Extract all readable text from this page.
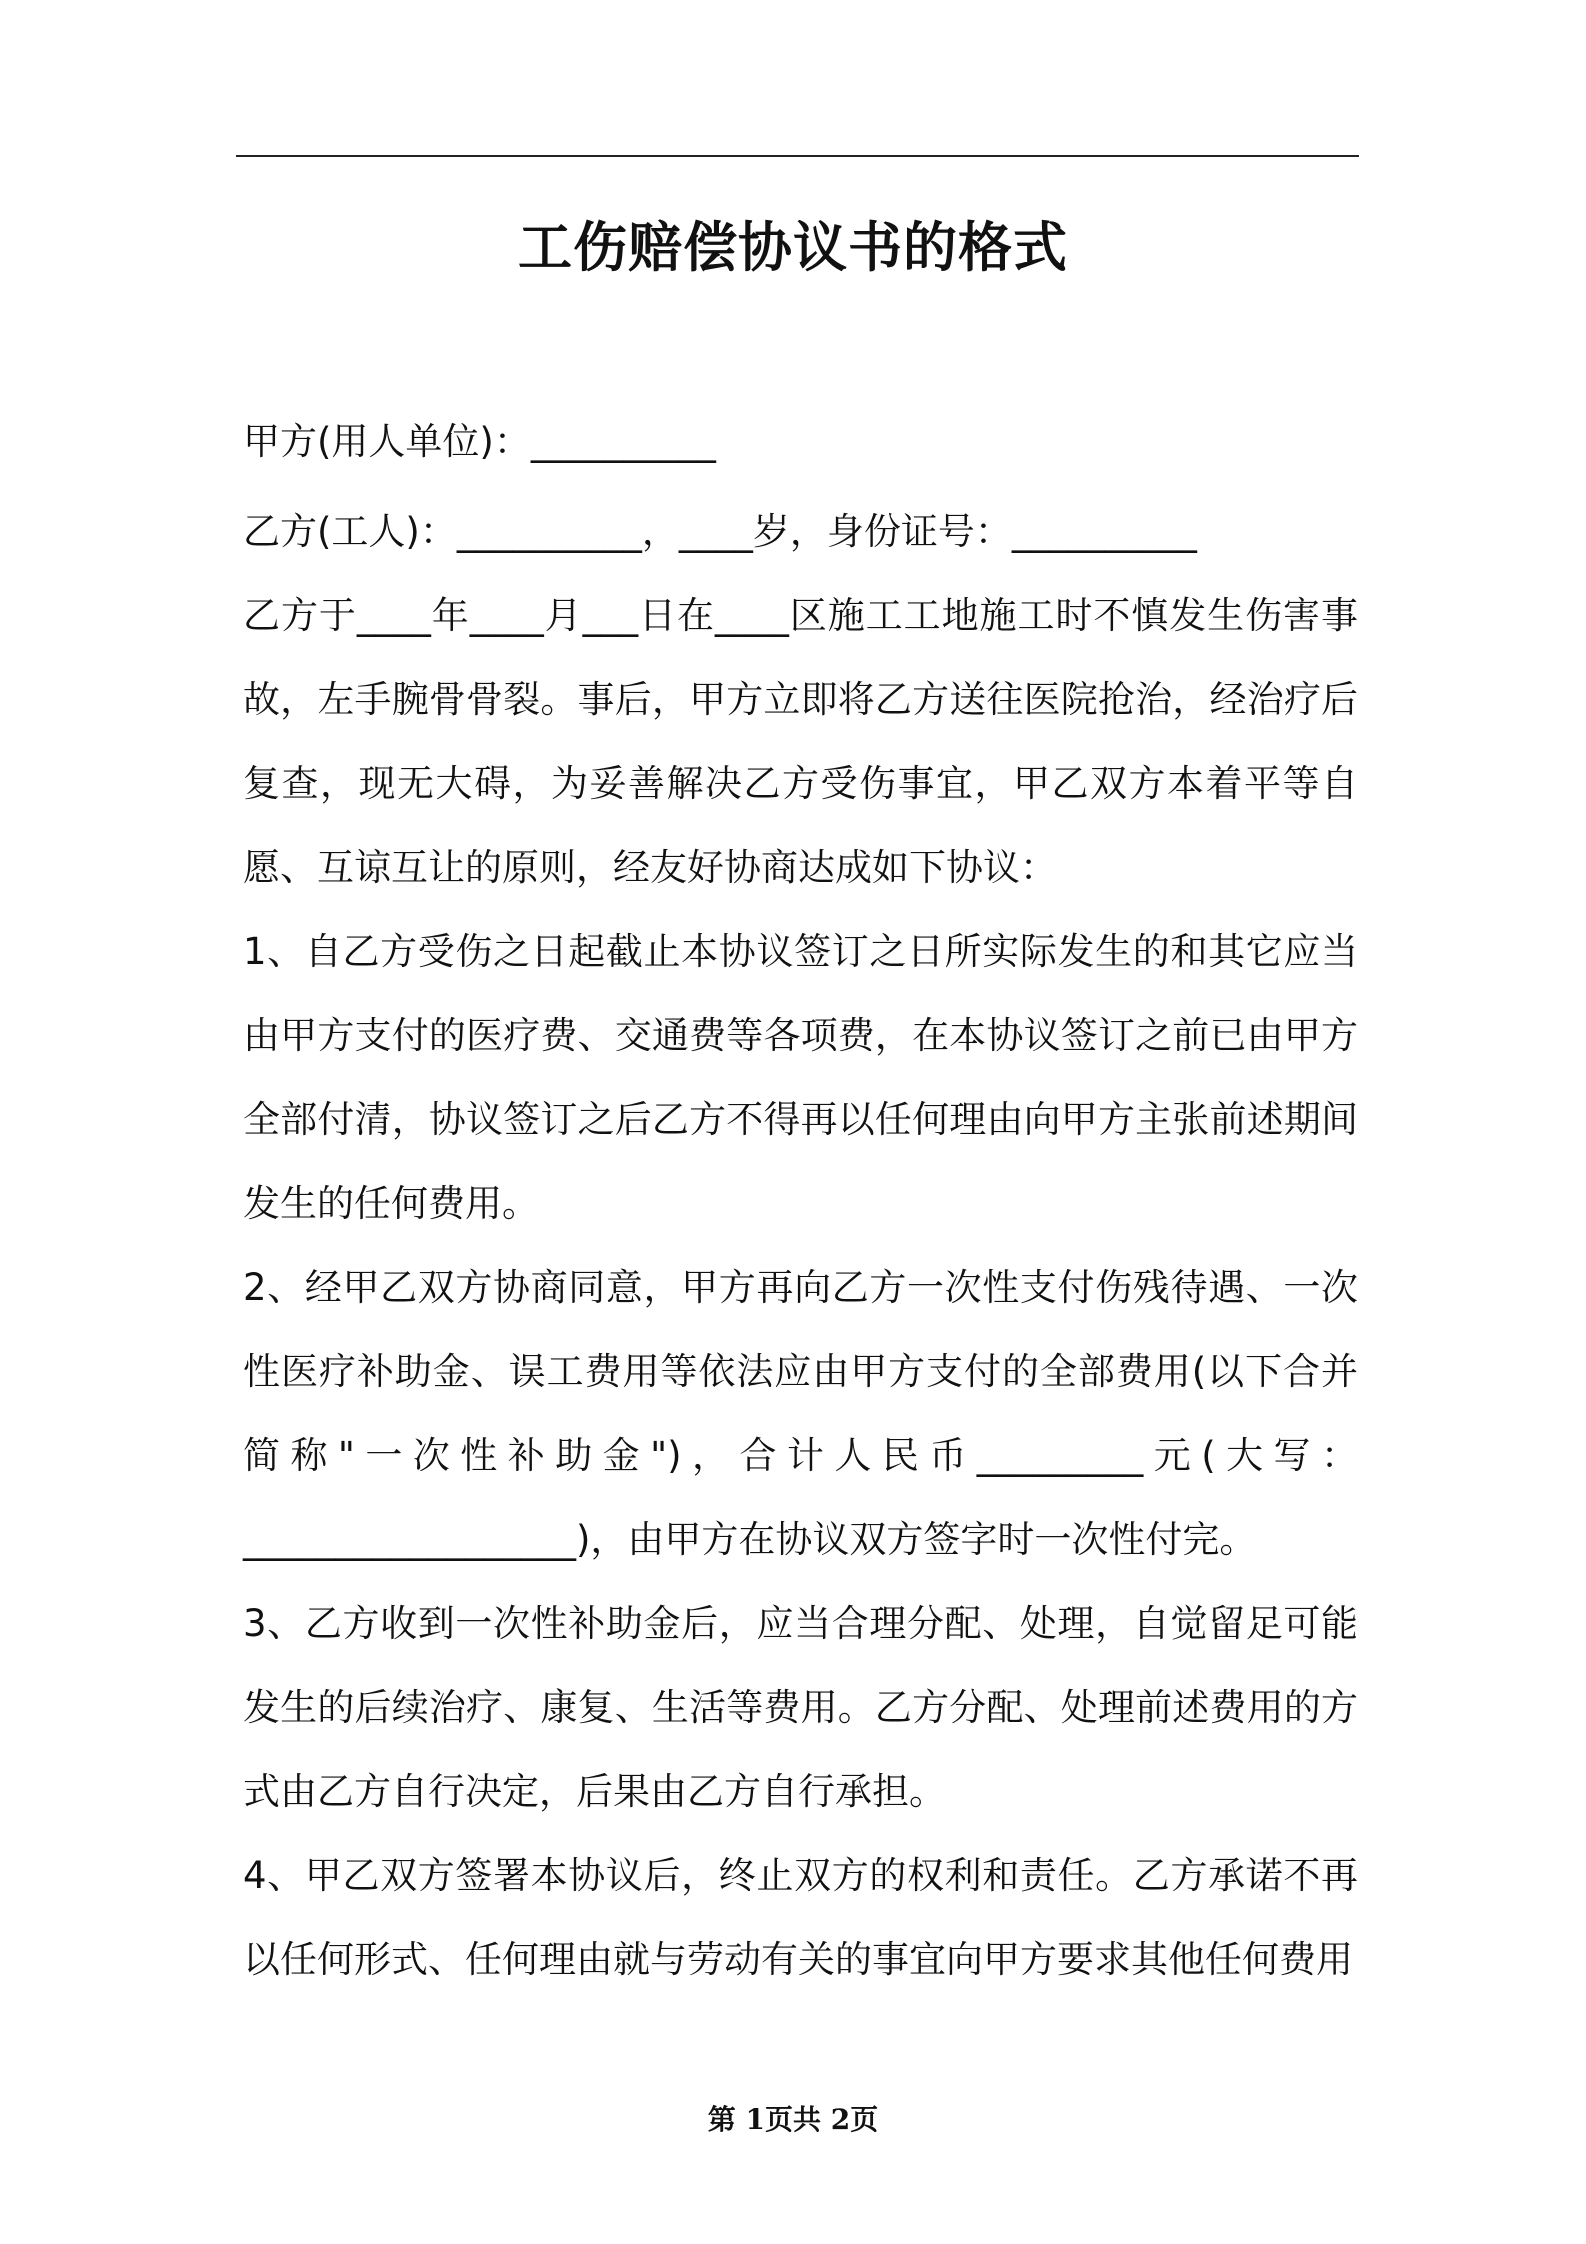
工伤赔偿协议书的格式

甲方(用人单位)：__________

乙方(工人)：__________，____岁，身份证号：__________

乙方于____年____月___日在____区施工工地施工时不慎发生伤害事故，左手腕骨骨裂。事后，甲方立即将乙方送往医院抢治，经治疗后复查，现无大碍，为妥善解决乙方受伤事宜，甲乙双方本着平等自愿、互谅互让的原则，经友好协商达成如下协议：

1、自乙方受伤之日起截止本协议签订之日所实际发生的和其它应当由甲方支付的医疗费、交通费等各项费，在本协议签订之前已由甲方全部付清，协议签订之后乙方不得再以任何理由向甲方主张前述期间发生的任何费用。

2、经甲乙双方协商同意，甲方再向乙方一次性支付伤残待遇、一次性医疗补助金、误工费用等依法应由甲方支付的全部费用(以下合并简称"一次性补助金")，合计人民币_________元(大写：__________________)，由甲方在协议双方签字时一次性付完。

3、乙方收到一次性补助金后，应当合理分配、处理，自觉留足可能发生的后续治疗、康复、生活等费用。乙方分配、处理前述费用的方式由乙方自行决定，后果由乙方自行承担。

4、甲乙双方签署本协议后，终止双方的权利和责任。乙方承诺不再以任何形式、任何理由就与劳动有关的事宜向甲方要求其他任何费用

第 1页共 2页
